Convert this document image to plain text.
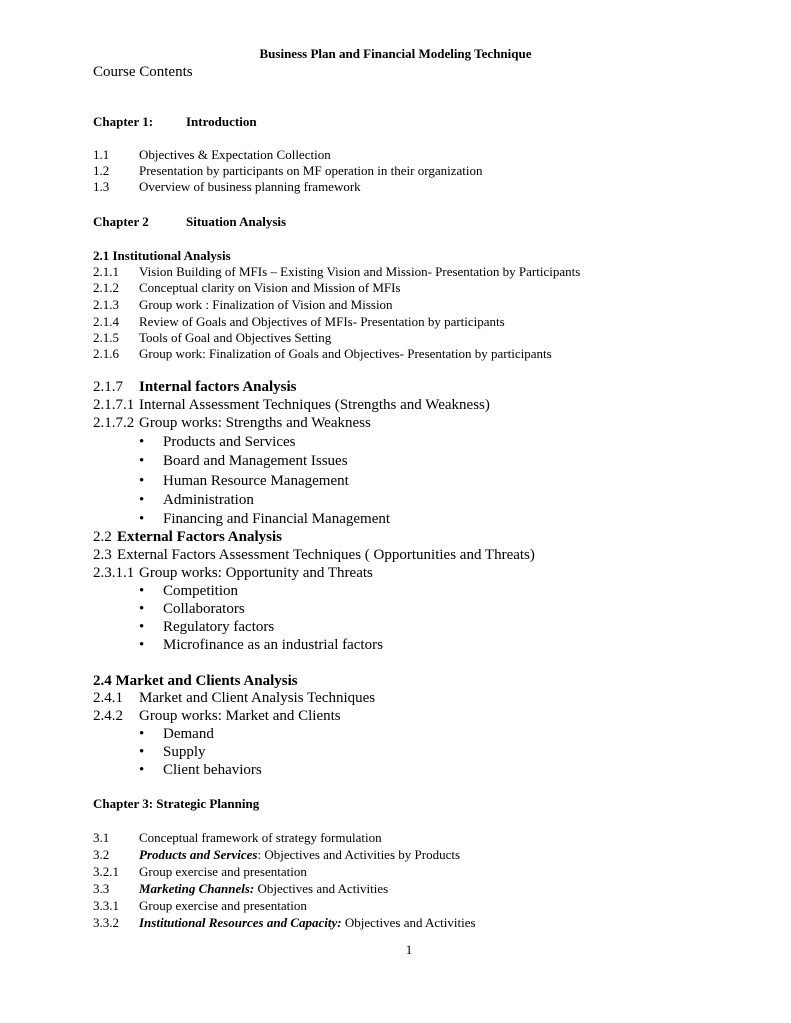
Business Plan and Financial Modeling Technique
Course Contents
Chapter 1:	Introduction
1.1 Objectives & Expectation Collection
1.2 Presentation by participants on MF operation in their organization
1.3 Overview of business planning framework
Chapter 2	Situation Analysis
2.1 Institutional Analysis
2.1.1 Vision Building of MFIs – Existing Vision and Mission- Presentation by Participants
2.1.2 Conceptual clarity on Vision and Mission of MFIs
2.1.3 Group work : Finalization of Vision and Mission
2.1.4 Review of Goals and Objectives of MFIs- Presentation by participants
2.1.5 Tools of Goal and Objectives Setting
2.1.6 Group work: Finalization of Goals and Objectives- Presentation by participants
2.1.7 Internal factors Analysis
2.1.7.1 Internal Assessment Techniques (Strengths and Weakness)
2.1.7.2 Group works: Strengths and Weakness
• Products and Services
• Board and Management Issues
• Human Resource Management
• Administration
• Financing and Financial Management
2.2 External Factors Analysis
2.3 External Factors Assessment Techniques ( Opportunities and Threats)
2.3.1.1 Group works: Opportunity and Threats
• Competition
• Collaborators
• Regulatory factors
• Microfinance as an industrial factors
2.4 Market and Clients Analysis
2.4.1 Market and Client Analysis Techniques
2.4.2 Group works: Market and Clients
• Demand
• Supply
• Client behaviors
Chapter 3: Strategic Planning
3.1 Conceptual framework of strategy formulation
3.2 Products and Services: Objectives and Activities by Products
3.2.1 Group exercise and presentation
3.3 Marketing Channels: Objectives and Activities
3.3.1 Group exercise and presentation
3.3.2 Institutional Resources and Capacity: Objectives and Activities
1
